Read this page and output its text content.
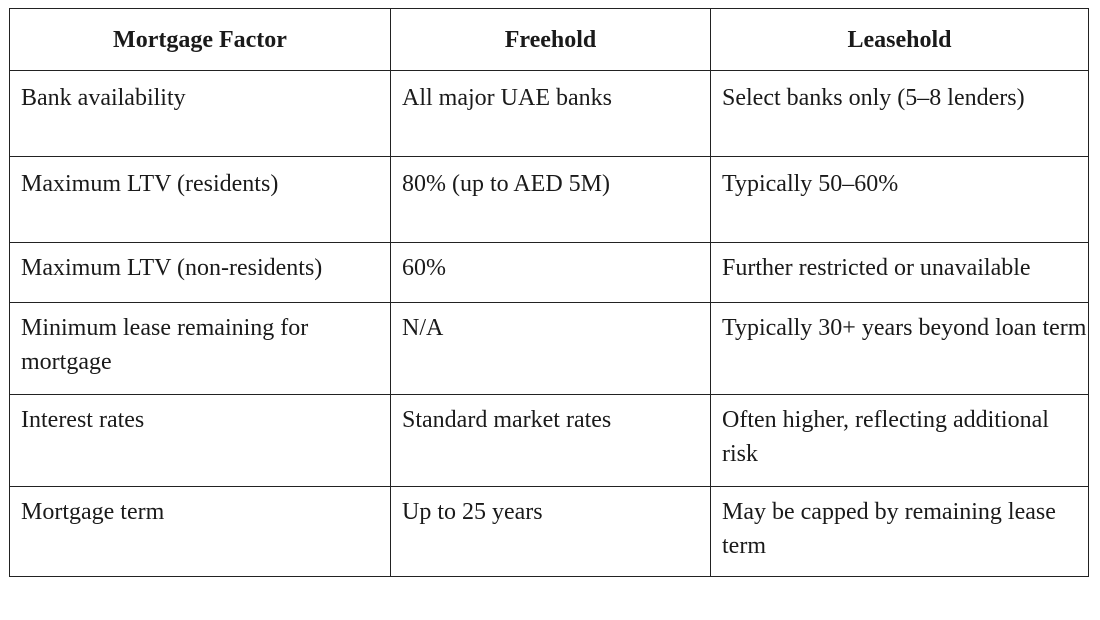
Mortgage Factor	Freehold	Leasehold
Bank availability	All major UAE banks	Select banks only (5–8 lenders)
Maximum LTV (residents)	80% (up to AED 5M)	Typically 50–60%
Maximum LTV (non-residents)	60%	Further restricted or unavailable
Minimum lease remaining for mortgage	N/A	Typically 30+ years beyond loan term
Interest rates	Standard market rates	Often higher, reflecting additional risk
Mortgage term	Up to 25 years	May be capped by remaining lease term
